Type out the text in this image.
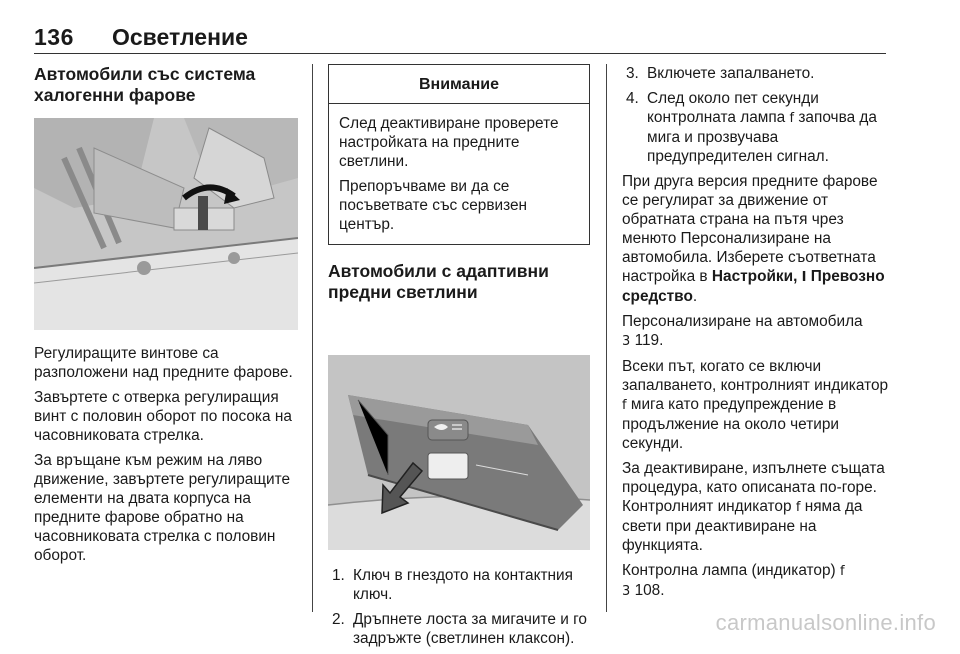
136 Осветление
Автомобили със система халогенни фарове

Регулиращите винтове са разположени над предните фарове.

Завъртете с отверка регулиращия винт с половин оборот по посока на часовниковата стрелка.

За връщане към режим на ляво движение, завъртете регулиращите елементи на двата корпуса на предните фарове обратно на часовниковата стрелка с половин оборот.

Внимание

След деактивиране проверете настройката на предните светлини.

Препоръчваме ви да се посъветвате със сервизен център.

Автомобили с адаптивни предни светлини
1. Ключ в гнездото на контактния ключ.
2. Дръпнете лоста за мигачите и го задръжте (светлинен клаксон).
3. Включете запалването.
4. След около пет секунди контролната лампа f започва да мига и прозвучава предупредителен сигнал.

При друга версия предните фарове се регулират за движение от обратната страна на пътя чрез менюто Персонализиране на автомобила. Изберете съответната настройка в Настройки, I Превозно средство.

Персонализиране на автомобила
3 119.

Всеки път, когато се включи запалването, контролният индикатор f мига като предупреждение в продължение на около четири секунди.

За деактивиране, изпълнете същата процедура, като описаната по-горе. Контролният индикатор f няма да свети при деактивиране на функцията.

Контролна лампа (индикатор) f
3 108.

carmanualsonline.info
